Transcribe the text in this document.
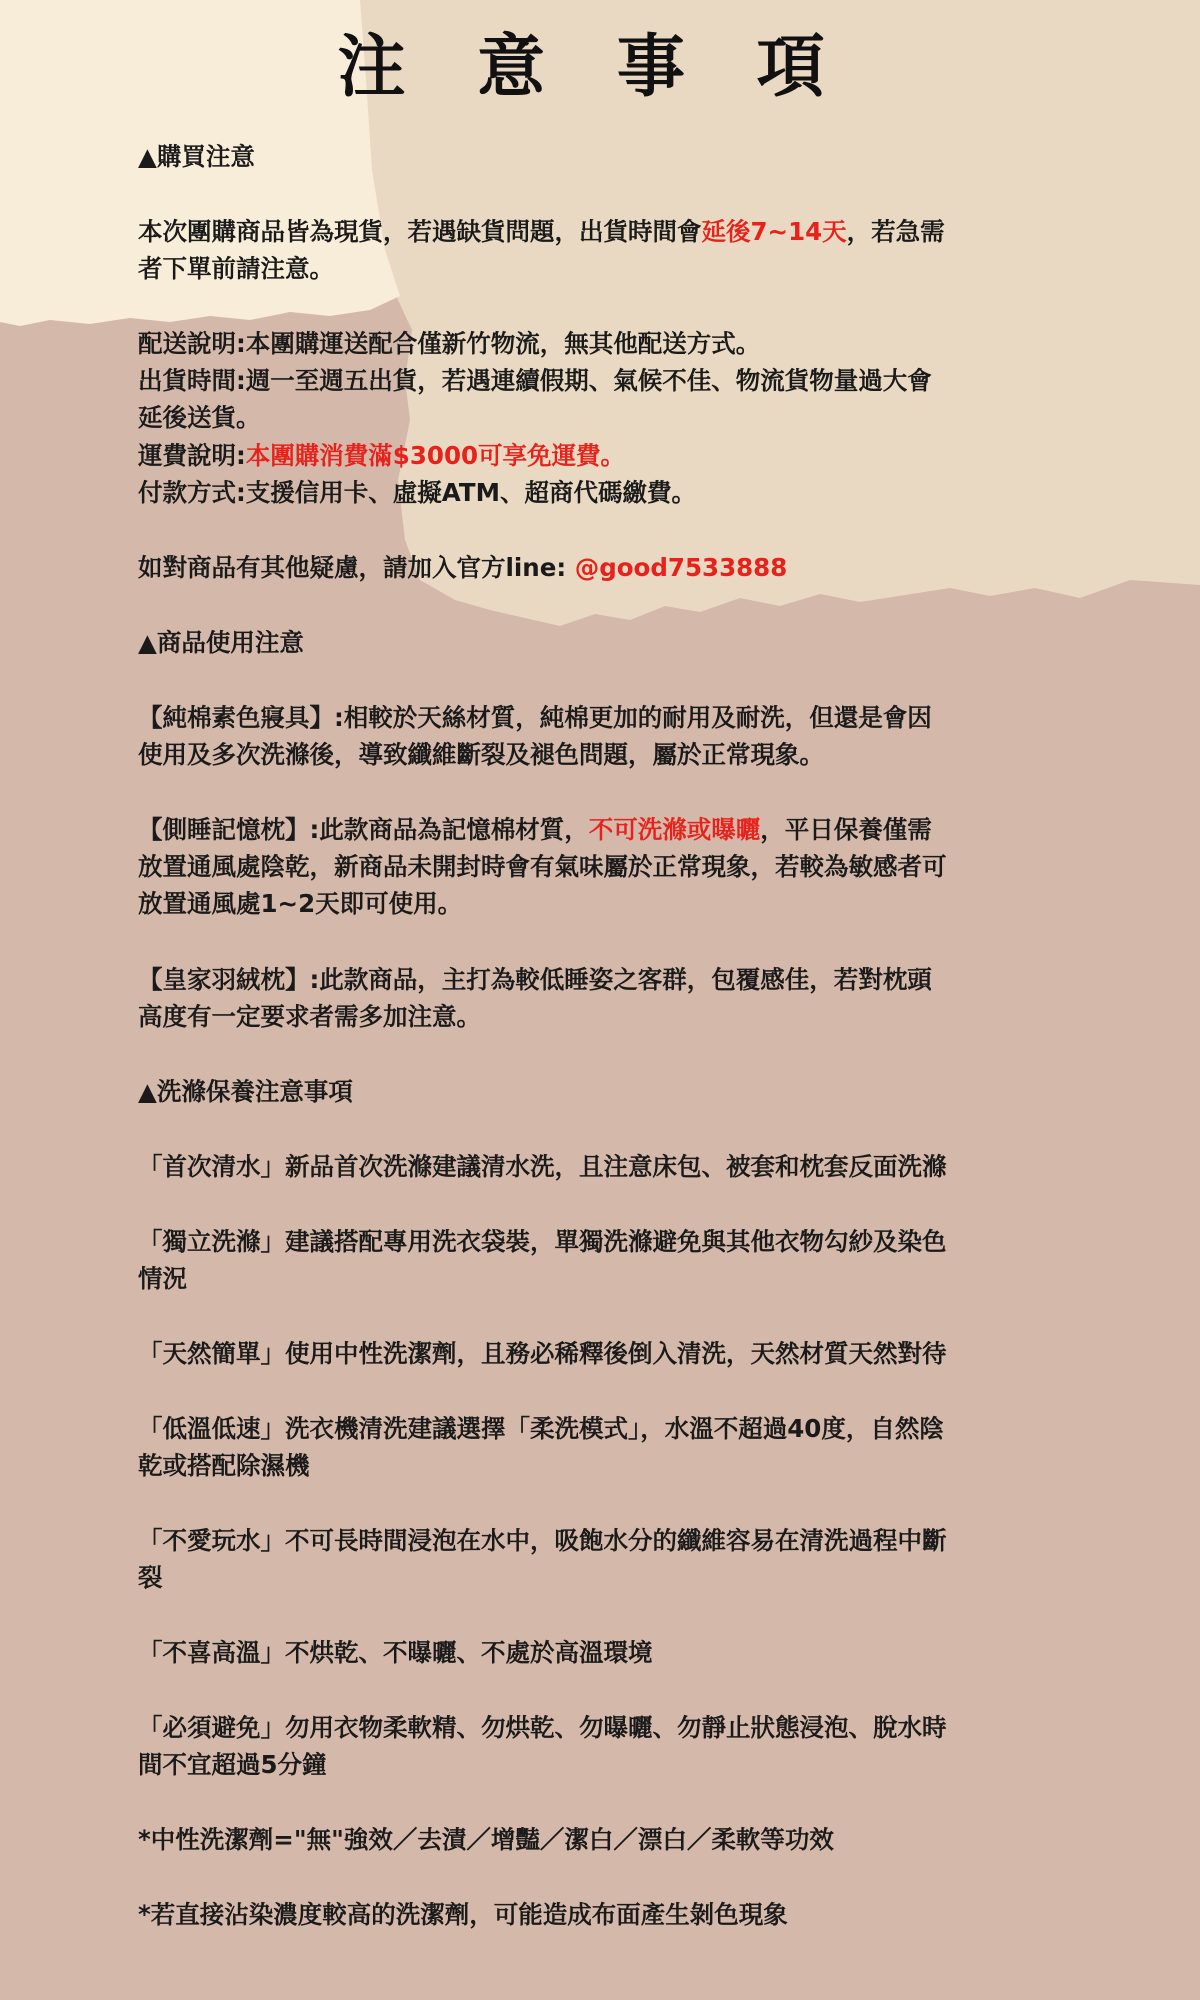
注 意 事 項
▲購買注意
本次團購商品皆為現貨，若遇缺貨問題，出貨時間會延後7~14天，若急需
者下單前請注意。
配送說明:本團購運送配合僅新竹物流，無其他配送方式。
出貨時間:週一至週五出貨，若遇連續假期、氣候不佳、物流貨物量過大會
延後送貨。
運費說明:本團購消費滿$3000可享免運費。
付款方式:支援信用卡、虛擬ATM、超商代碼繳費。
如對商品有其他疑慮，請加入官方line: @good7533888
▲商品使用注意
【純棉素色寢具】:相較於天絲材質，純棉更加的耐用及耐洗，但還是會因
使用及多次洗滌後，導致纖維斷裂及褪色問題，屬於正常現象。
【側睡記憶枕】:此款商品為記憶棉材質，不可洗滌或曝曬，平日保養僅需
放置通風處陰乾，新商品未開封時會有氣味屬於正常現象，若較為敏感者可
放置通風處1~2天即可使用。
【皇家羽絨枕】:此款商品，主打為較低睡姿之客群，包覆感佳，若對枕頭
高度有一定要求者需多加注意。
▲洗滌保養注意事項
「首次清水」新品首次洗滌建議清水洗，且注意床包、被套和枕套反面洗滌
「獨立洗滌」建議搭配專用洗衣袋裝，單獨洗滌避免與其他衣物勾紗及染色
情況
「天然簡單」使用中性洗潔劑，且務必稀釋後倒入清洗，天然材質天然對待
「低溫低速」洗衣機清洗建議選擇「柔洗模式」，水溫不超過40度，自然陰
乾或搭配除濕機
「不愛玩水」不可長時間浸泡在水中，吸飽水分的纖維容易在清洗過程中斷
裂
「不喜高溫」不烘乾、不曝曬、不處於高溫環境
「必須避免」勿用衣物柔軟精、勿烘乾、勿曝曬、勿靜止狀態浸泡、脫水時
間不宜超過5分鐘
*中性洗潔劑="無"強效／去漬／增豔／潔白／漂白／柔軟等功效
*若直接沾染濃度較高的洗潔劑，可能造成布面產生剝色現象
